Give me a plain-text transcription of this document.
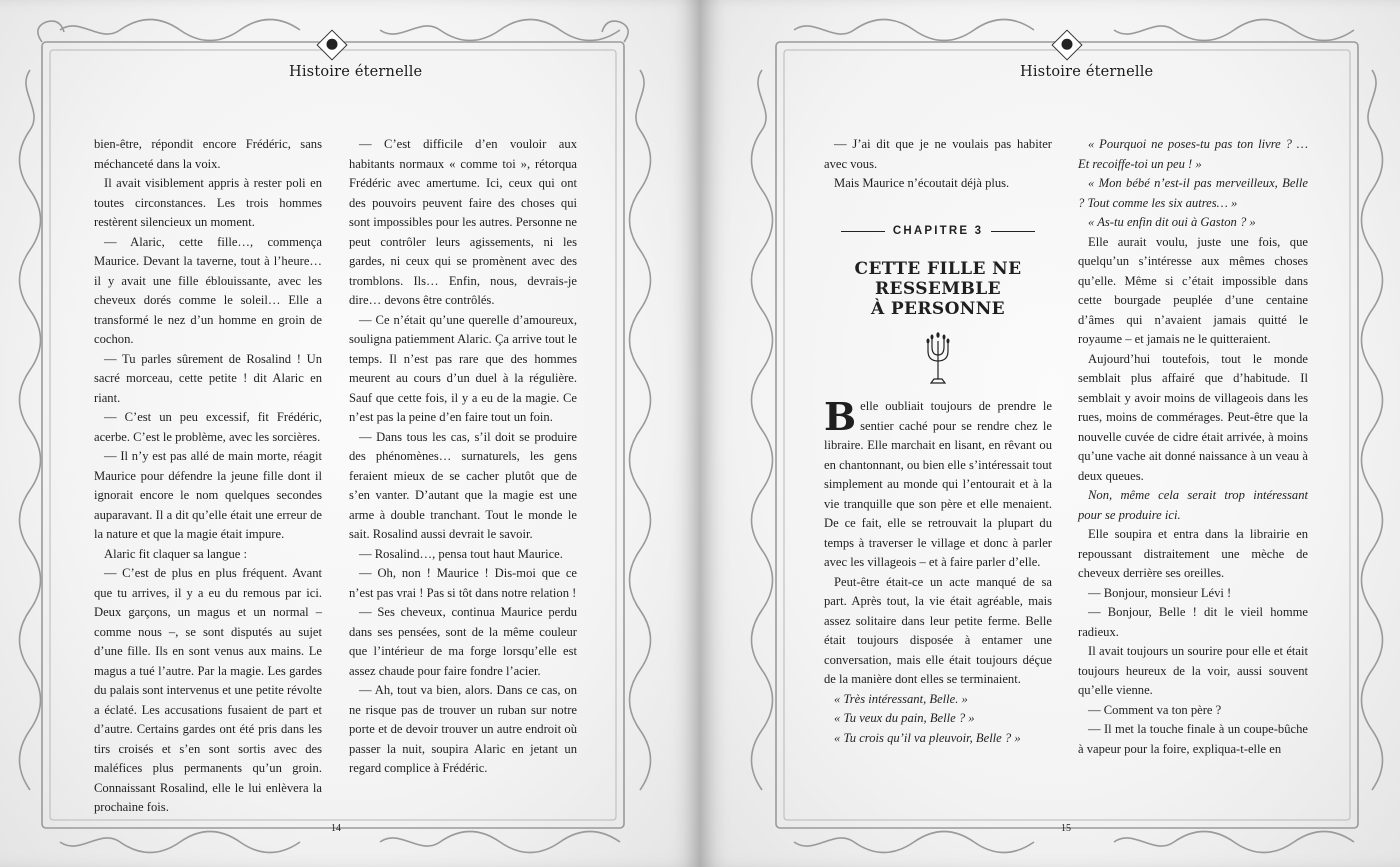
Histoire éternelle

bien-être, répondit encore Frédéric, sans méchanceté dans la voix.

Il avait visiblement appris à rester poli en toutes circonstances. Les trois hommes restèrent silencieux un moment.

— Alaric, cette fille…, commença Maurice. Devant la taverne, tout à l’heure… il y avait une fille éblouissante, avec les cheveux dorés comme le soleil… Elle a transformé le nez d’un homme en groin de cochon.

— Tu parles sûrement de Rosalind ! Un sacré morceau, cette petite ! dit Alaric en riant.

— C’est un peu excessif, fit Frédéric, acerbe. C’est le problème, avec les sorcières.

— Il n’y est pas allé de main morte, réagit Maurice pour défendre la jeune fille dont il ignorait encore le nom quelques secondes auparavant. Il a dit qu’elle était une erreur de la nature et que la magie était impure.

Alaric fit claquer sa langue :

— C’est de plus en plus fréquent. Avant que tu arrives, il y a eu du remous par ici. Deux garçons, un magus et un normal – comme nous –, se sont disputés au sujet d’une fille. Ils en sont venus aux mains. Le magus a tué l’autre. Par la magie. Les gardes du palais sont intervenus et une petite révolte a éclaté. Les accusations fusaient de part et d’autre. Certains gardes ont été pris dans les tirs croisés et s’en sont sortis avec des maléfices plus permanents qu’un groin. Connaissant Rosalind, elle le lui enlèvera la prochaine fois.

— C’est difficile d’en vouloir aux habitants normaux « comme toi », rétorqua Frédéric avec amertume. Ici, ceux qui ont des pouvoirs peuvent faire des choses qui sont impossibles pour les autres. Personne ne peut contrôler leurs agissements, ni les gardes, ni ceux qui se promènent avec des tromblons. Ils… Enfin, nous, devrais-je dire… devons être contrôlés.

— Ce n’était qu’une querelle d’amoureux, souligna patiemment Alaric. Ça arrive tout le temps. Il n’est pas rare que des hommes meurent au cours d’un duel à la régulière. Sauf que cette fois, il y a eu de la magie. Ce n’est pas la peine d’en faire tout un foin.

— Dans tous les cas, s’il doit se produire des phénomènes… surnaturels, les gens feraient mieux de se cacher plutôt que de s’en vanter. D’autant que la magie est une arme à double tranchant. Tout le monde le sait. Rosalind aussi devrait le savoir.

— Rosalind…, pensa tout haut Maurice.

— Oh, non ! Maurice ! Dis-moi que ce n’est pas vrai ! Pas si tôt dans notre relation !

— Ses cheveux, continua Maurice perdu dans ses pensées, sont de la même couleur que l’intérieur de ma forge lorsqu’elle est assez chaude pour faire fondre l’acier.

— Ah, tout va bien, alors. Dans ce cas, on ne risque pas de trouver un ruban sur notre porte et de devoir trouver un autre endroit où passer la nuit, soupira Alaric en jetant un regard complice à Frédéric.

14
Histoire éternelle

— J’ai dit que je ne voulais pas habiter avec vous.

Mais Maurice n’écoutait déjà plus.

CHAPITRE 3
CETTE FILLE NE RESSEMBLE
À PERSONNE

Belle oubliait toujours de prendre le sentier caché pour se rendre chez le libraire. Elle marchait en lisant, en rêvant ou en chantonnant, ou bien elle s’intéressait tout simplement au monde qui l’entourait et à la vie tranquille que son père et elle menaient. De ce fait, elle se retrouvait la plupart du temps à traverser le village et donc à parler avec les villageois – et à faire parler d’elle.

Peut-être était-ce un acte manqué de sa part. Après tout, la vie était agréable, mais assez solitaire dans leur petite ferme. Belle était toujours disposée à entamer une conversation, mais elle était toujours déçue de la manière dont elles se terminaient.

« Très intéressant, Belle. »

« Tu veux du pain, Belle ? »

« Tu crois qu’il va pleuvoir, Belle ? »

« Pourquoi ne poses-tu pas ton livre ? … Et recoiffe-toi un peu ! »

« Mon bébé n’est-il pas merveilleux, Belle ? Tout comme les six autres… »

« As-tu enfin dit oui à Gaston ? »

Elle aurait voulu, juste une fois, que quelqu’un s’intéresse aux mêmes choses qu’elle. Même si c’était impossible dans cette bourgade peuplée d’une centaine d’âmes qui n’avaient jamais quitté le royaume – et jamais ne le quitteraient.

Aujourd’hui toutefois, tout le monde semblait plus affairé que d’habitude. Il semblait y avoir moins de villageois dans les rues, moins de commérages. Peut-être que la nouvelle cuvée de cidre était arrivée, à moins qu’une vache ait donné naissance à un veau à deux queues.

Non, même cela serait trop intéressant pour se produire ici.

Elle soupira et entra dans la librairie en repoussant distraitement une mèche de cheveux derrière ses oreilles.

— Bonjour, monsieur Lévi !

— Bonjour, Belle ! dit le vieil homme radieux.

Il avait toujours un sourire pour elle et était toujours heureux de la voir, aussi souvent qu’elle vienne.

— Comment va ton père ?

— Il met la touche finale à un coupe-bûche à vapeur pour la foire, expliqua-t-elle en

15
